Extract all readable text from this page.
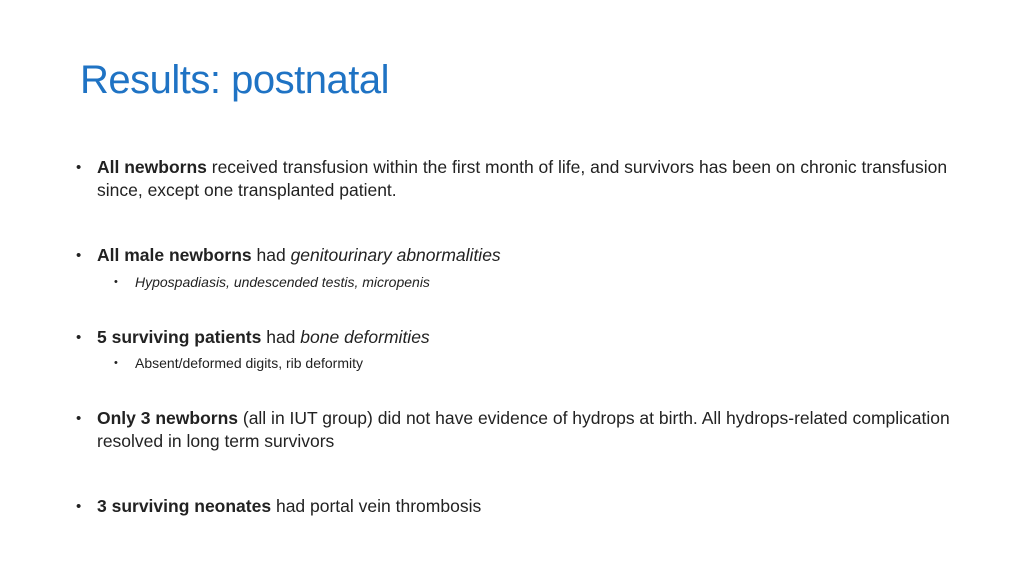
Results: postnatal
• All newborns received transfusion within the first month of life, and survivors has been on chronic transfusion since, except one transplanted patient.
• All male newborns had genitourinary abnormalities
• Hypospadiasis, undescended testis, micropenis
• 5 surviving patients had bone deformities
• Absent/deformed digits, rib deformity
• Only 3 newborns (all in IUT group) did not have evidence of hydrops at birth. All hydrops-related complication resolved in long term survivors
• 3 surviving neonates had portal vein thrombosis
